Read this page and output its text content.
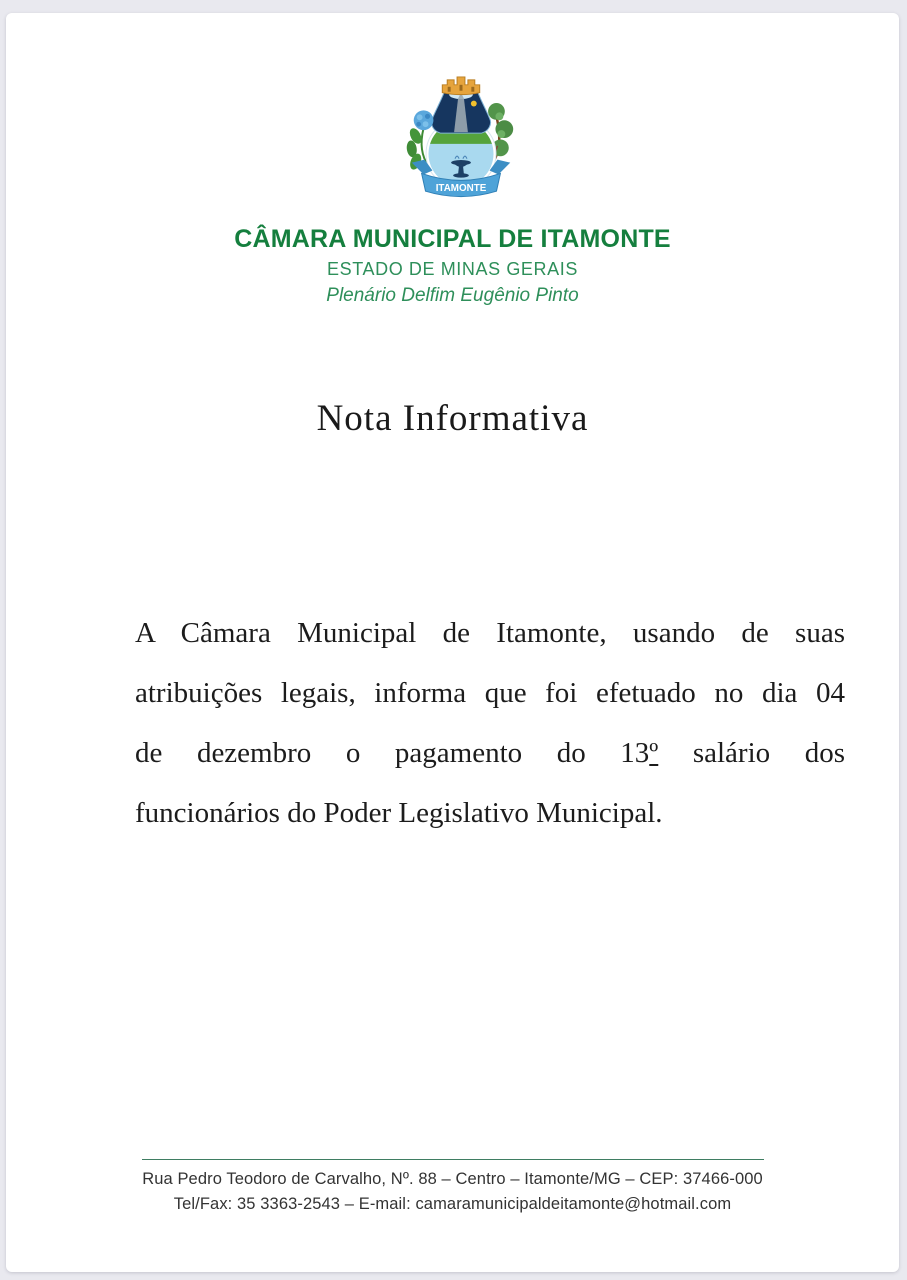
ITAMONTE
CÂMARA MUNICIPAL DE ITAMONTE
ESTADO DE MINAS GERAIS
Plenário Delfim Eugênio Pinto
Nota Informativa
A Câmara Municipal de Itamonte, usando de suas
atribuições legais, informa que foi efetuado no dia 04
de dezembro o pagamento do 13º salário dos
funcionários do Poder Legislativo Municipal.
Rua Pedro Teodoro de Carvalho, Nº. 88 – Centro – Itamonte/MG – CEP: 37466-000
Tel/Fax: 35 3363-2543 – E-mail: camaramunicipaldeitamonte@hotmail.com
